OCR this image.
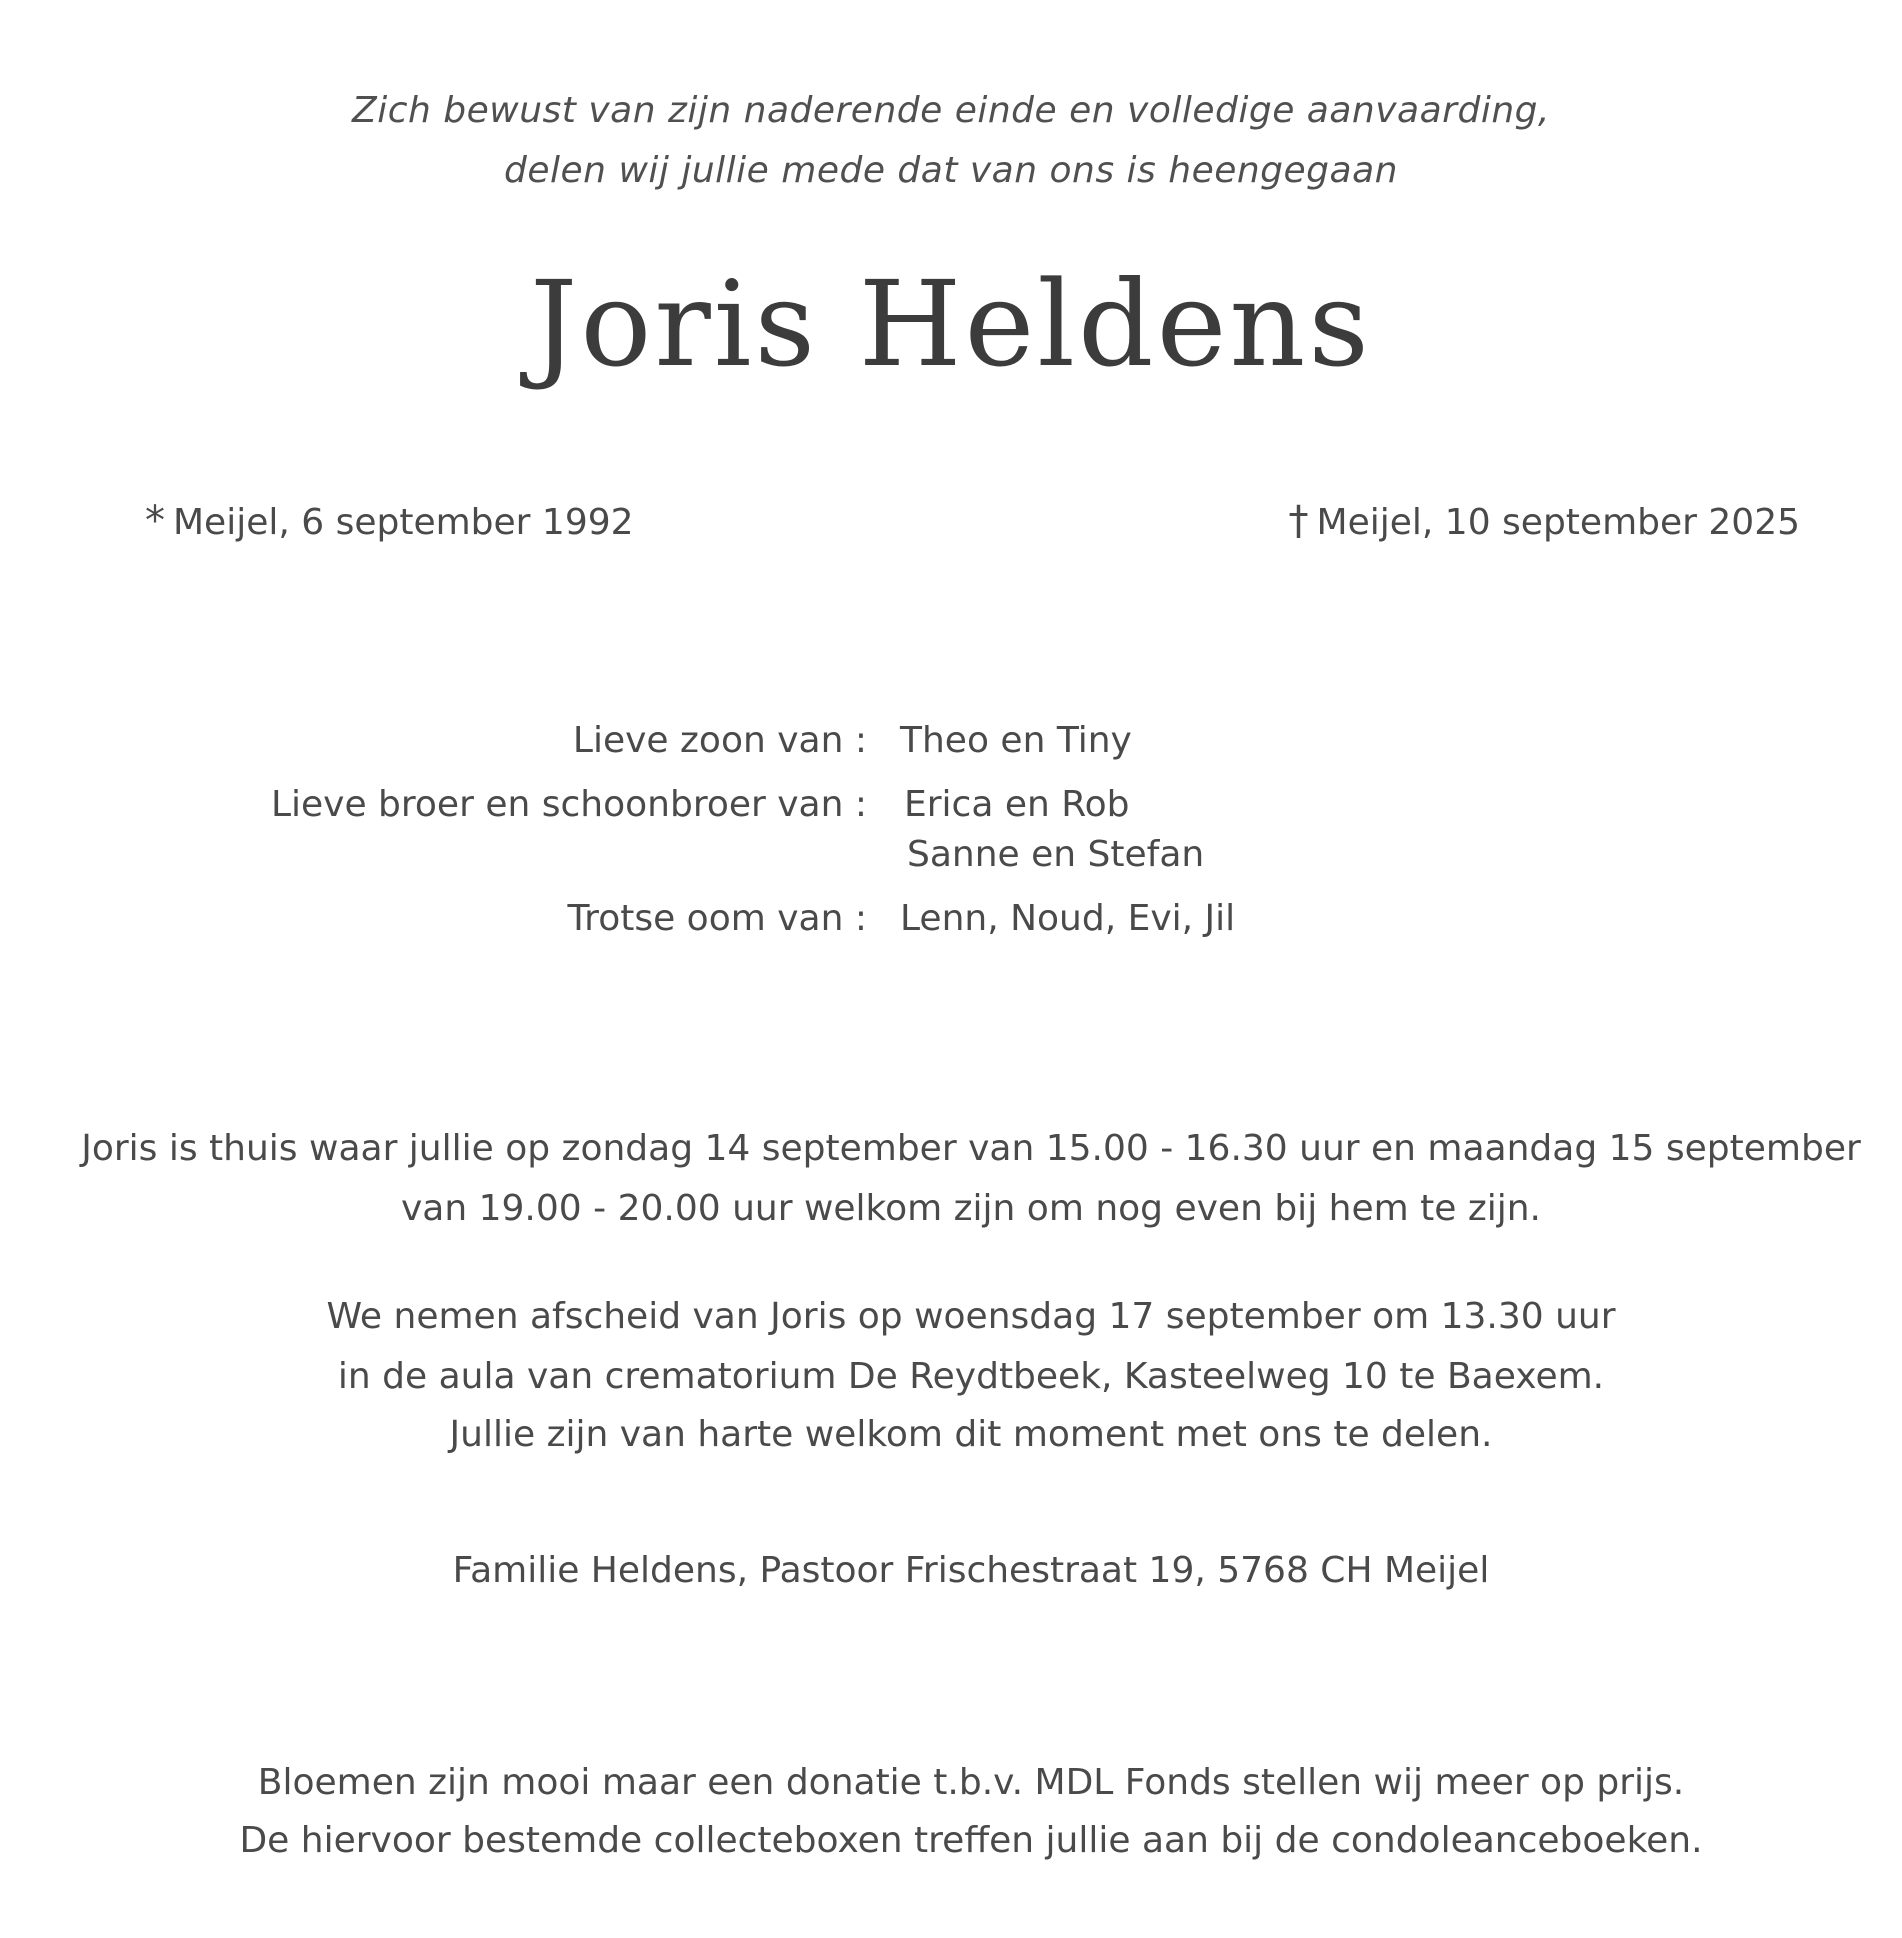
Zich bewust van zijn naderende einde en volledige aanvaarding,
delen wij jullie mede dat van ons is heengegaan
Joris Heldens
* Meijel, 6 september 1992	† Meijel, 10 september 2025
Lieve zoon van : Theo en Tiny
Lieve broer en schoonbroer van : Erica en Rob
Sanne en Stefan
Trotse oom van : Lenn, Noud, Evi, Jil
Joris is thuis waar jullie op zondag 14 september van 15.00 - 16.30 uur en maandag 15 september
van 19.00 - 20.00 uur welkom zijn om nog even bij hem te zijn.
We nemen afscheid van Joris op woensdag 17 september om 13.30 uur
in de aula van crematorium De Reydtbeek, Kasteelweg 10 te Baexem.
Jullie zijn van harte welkom dit moment met ons te delen.
Familie Heldens, Pastoor Frischestraat 19, 5768 CH Meijel
Bloemen zijn mooi maar een donatie t.b.v. MDL Fonds stellen wij meer op prijs.
De hiervoor bestemde collecteboxen treffen jullie aan bij de condoleanceboeken.
